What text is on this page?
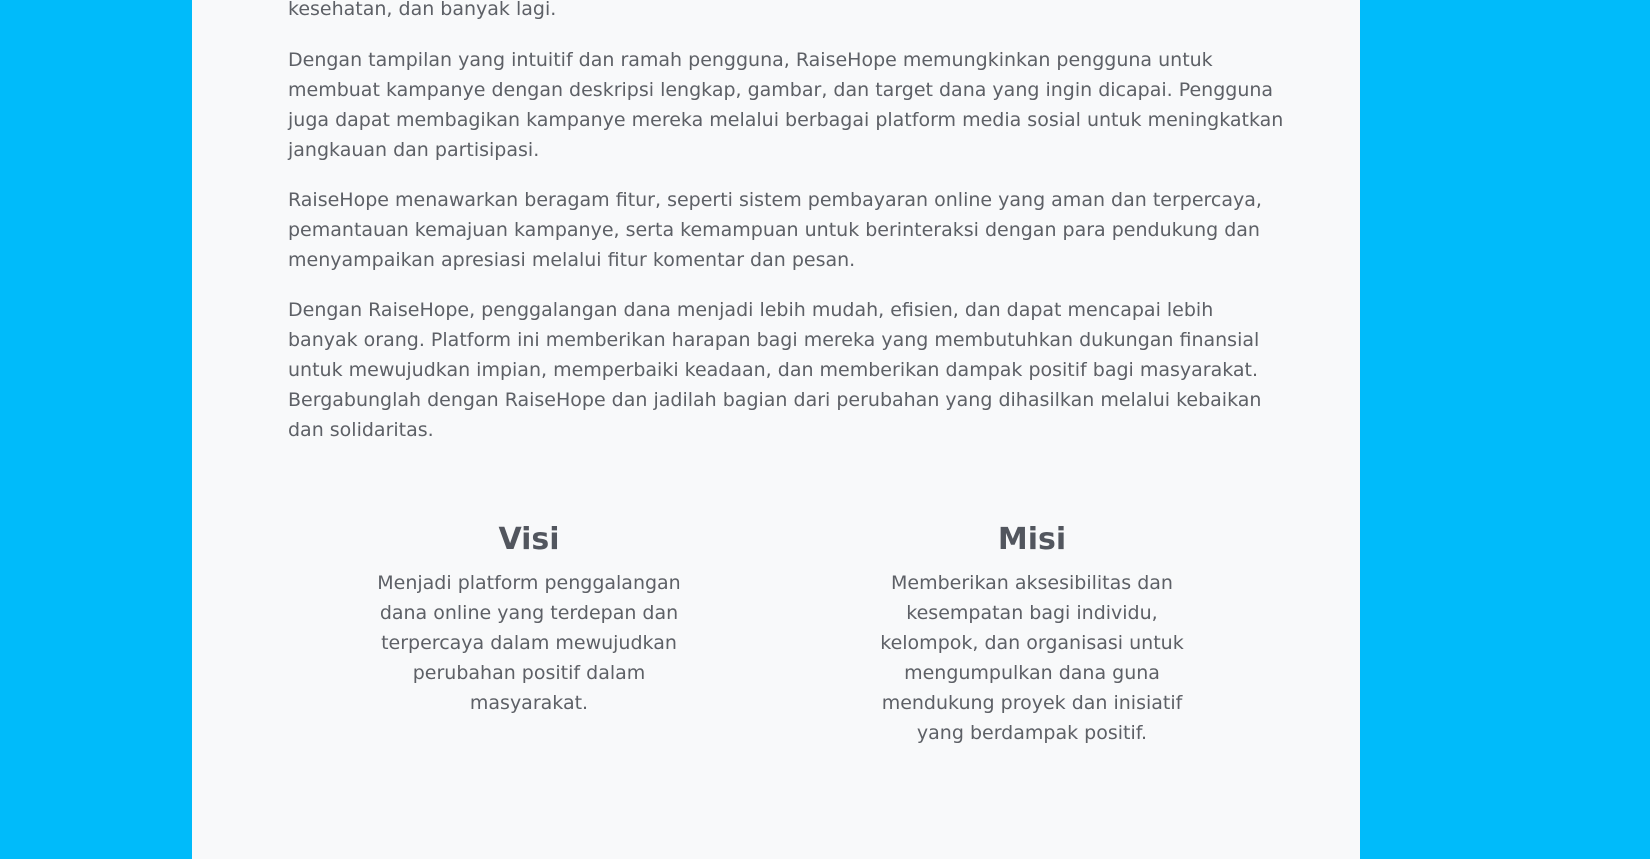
kesehatan, dan banyak lagi.

Dengan tampilan yang intuitif dan ramah pengguna, RaiseHope memungkinkan pengguna untuk membuat kampanye dengan deskripsi lengkap, gambar, dan target dana yang ingin dicapai. Pengguna juga dapat membagikan kampanye mereka melalui berbagai platform media sosial untuk meningkatkan jangkauan dan partisipasi.

RaiseHope menawarkan beragam fitur, seperti sistem pembayaran online yang aman dan terpercaya, pemantauan kemajuan kampanye, serta kemampuan untuk berinteraksi dengan para pendukung dan menyampaikan apresiasi melalui fitur komentar dan pesan.

Dengan RaiseHope, penggalangan dana menjadi lebih mudah, efisien, dan dapat mencapai lebih banyak orang. Platform ini memberikan harapan bagi mereka yang membutuhkan dukungan finansial untuk mewujudkan impian, memperbaiki keadaan, dan memberikan dampak positif bagi masyarakat. Bergabunglah dengan RaiseHope dan jadilah bagian dari perubahan yang dihasilkan melalui kebaikan dan solidaritas.

Visi

Menjadi platform penggalangan dana online yang terdepan dan terpercaya dalam mewujudkan perubahan positif dalam masyarakat.

Misi

Memberikan aksesibilitas dan kesempatan bagi individu, kelompok, dan organisasi untuk mengumpulkan dana guna mendukung proyek dan inisiatif yang berdampak positif.
